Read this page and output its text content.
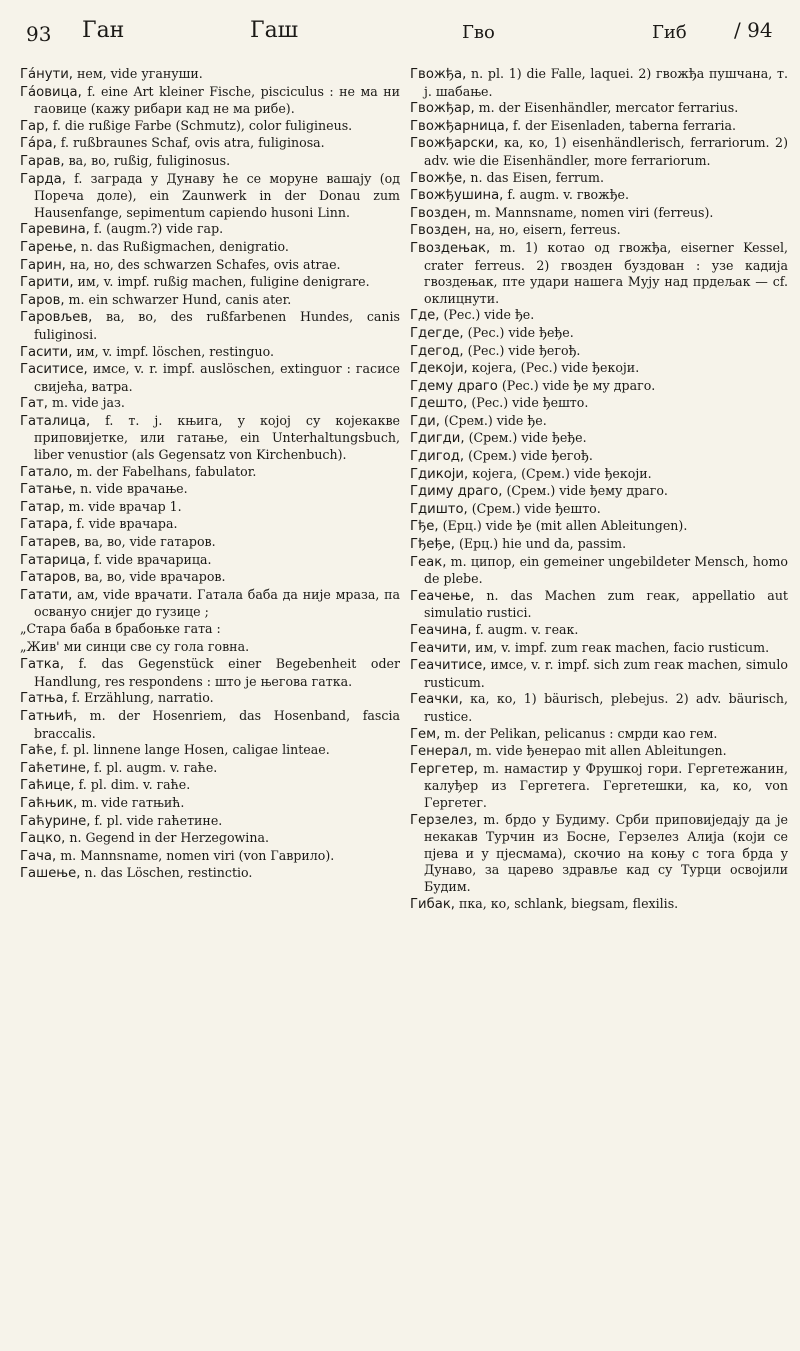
93 Ган	Гаш	Гво	Гиб / 94
Га́нути, нем, vide угануши.
Га́овица, f. eine Art kleiner Fische, pisciculus : не ма ни гаовице (кажу рибари кад не ма рибе).
Гар, f. die rußige Farbe (Schmutz), color fuligineus.
Га́ра, f. rußbraunes Schaf, ovis atra, fuliginosa.
Гарав, ва, во, rußig, fuliginosus.
Гарда, f. заграда у Дунаву ће се моруне вашају (од Пореча доле), ein Zaunwerk in der Donau zum Hausenfange, sepimentum capiendo husoni Linn.
Гаревина, f. (augm.?) vide гар.
Гарење, n. das Rußigmachen, denigratio.
Гарин, на, но, des schwarzen Schafes, ovis atrae.
Гарити, им, v. impf. rußig machen, fuligine denigrare.
Гаров, m. ein schwarzer Hund, canis ater.
Гаровљев, ва, во, des rußfarbenen Hundes, canis fuliginosi.
Гасити, им, v. impf. löschen, restinguo.
Гаситисе, имсе, v. r. impf. auslöschen, extinguor : гасисе свијећа, ватра.
Гат, m. vide јаз.
Гаталица, f. т. ј. књига, у којој су којекакве приповијетке, или гатање, ein Unterhaltungsbuch, liber venustior (als Gegensatz von Kirchenbuch).
Гатало, m. der Fabelhans, fabulator.
Гатање, n. vide врачање.
Гатар, m. vide врачар 1.
Гатара, f. vide врачара.
Гатарев, ва, во, vide гатаров.
Гатарица, f. vide врачарица.
Гатаров, ва, во, vide врачаров.
Гатати, ам, vide врачати. Гатала баба да није мраза, па освануо снијег до гузице ;
„Стара баба в брабоњке гата :
„Жив' ми синци све су гола говна.
Гатка, f. das Gegenstück einer Begebenheit oder Handlung, res respondens : што је његова гатка.
Гатња, f. Erzählung, narratio.
Гатњић, m. der Hosenriem, das Hosenband, fascia braccalis.
Гаће, f. pl. linnene lange Hosen, caligae linteae.
Гаћетине, f. pl. augm. v. гаће.
Гаћице, f. pl. dim. v. гаће.
Гаћњик, m. vide гатњић.
Гаћурине, f. pl. vide гаћетине.
Гацко, n. Gegend in der Herzegowina.
Гача, m. Mannsname, nomen viri (von Гаврило).
Гашење, n. das Löschen, restinctio.
Гвожђа, n. pl. 1) die Falle, laquei. 2) гвожђа пушчана, т. ј. шабање.
Гвожђар, m. der Eisenhändler, mercator ferrarius.
Гвожђарница, f. der Eisenladen, taberna ferraria.
Гвожђарски, ка, ко, 1) eisenhändlerisch, ferrariorum. 2) adv. wie die Eisenhändler, more ferrariorum.
Гвожђе, n. das Eisen, ferrum.
Гвожђушина, f. augm. v. гвожђе.
Гвозден, m. Mannsname, nomen viri (ferreus).
Гвозден, на, но, eisern, ferreus.
Гвоздењак, m. 1) котао од гвожђа, eiserner Kessel, crater ferreus. 2) гвозден буздован : узе кадија гвоздењак, пте удари нашега Мују над прдељак — cf. оклицнути.
Где, (Рес.) vide ђе.
Гдегде, (Рес.) vide ђеђе.
Гдегод, (Рес.) vide ђегођ.
Гдекоји, којега, (Рес.) vide ђекоји.
Гдему драго (Рес.) vide ђе му драго.
Гдешто, (Рес.) vide ђешто.
Гди, (Срем.) vide ђе.
Гдигди, (Срем.) vide ђеђе.
Гдигод, (Срем.) vide ђегођ.
Гдикоји, којега, (Срем.) vide ђекоји.
Гдиму драго, (Срем.) vide ђему драго.
Гдишто, (Срем.) vide ђешто.
Гђе, (Ерц.) vide ђе (mit allen Ableitungen).
Гђеђе, (Ерц.) hie und da, passim.
Геак, m. ципор, ein gemeiner ungebildeter Mensch, homo de plebe.
Геачење, n. das Machen zum геак, appellatio aut simulatio rustici.
Геачина, f. augm. v. геак.
Геачити, им, v. impf. zum геак machen, facio rusticum.
Геачитисе, имсе, v. r. impf. sich zum геак machen, simulo rusticum.
Геачки, ка, ко, 1) bäurisch, plebejus. 2) adv. bäurisch, rustice.
Гем, m. der Pelikan, pelicanus : смрди као гем.
Генерал, m. vide ђенерао mit allen Ableitungen.
Гергетер, m. намастир у Фрушкој гори. Гергетежанин, калуђер из Гергетега. Гергетешки, ка, ко, von Гергетег.
Герзелез, m. брдо у Будиму. Срби приповиједају да је некакав Турчин из Босне, Герзелез Алија (који се пјева и у пјесмама), скочио на коњу с тога брда у Дунаво, за царево здравље кад су Турци освојили Будим.
Гибак, пка, ко, schlank, biegsam, flexilis.
